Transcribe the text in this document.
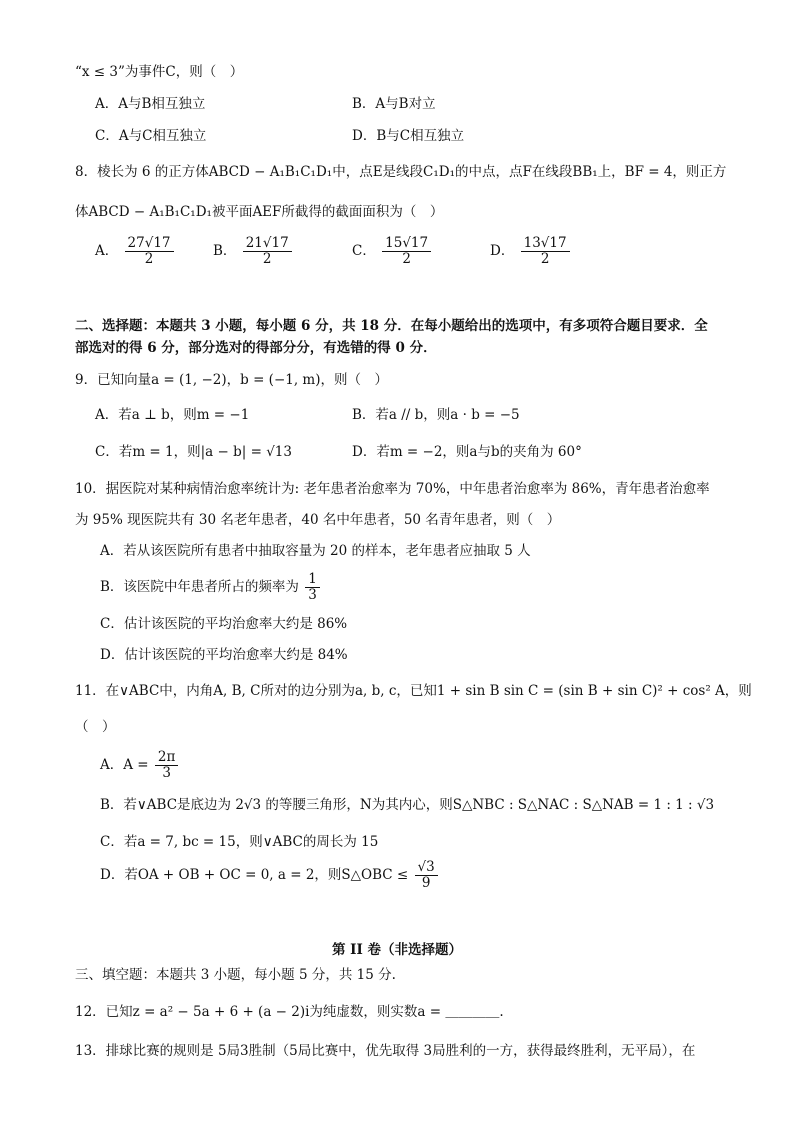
“x ≤ 3”为事件C，则（　）
A．A与B相互独立	B．A与B对立
C．A与C相互独立	D．B与C相互独立
8．棱长为 6 的正方体ABCD − A₁B₁C₁D₁中，点E是线段C₁D₁的中点，点F在线段BB₁上，BF = 4，则正方
体ABCD − A₁B₁C₁D₁被平面AEF所截得的截面面积为（　）
A． $\frac{27√17}{2}$	B． $\frac{21√17}{2}$	C． $\frac{15√17}{2}$	D． $\frac{13√17}{2}$
二、选择题：本题共 3 小题，每小题 6 分，共 18 分．在每小题给出的选项中，有多项符合题目要求．全
部选对的得 6 分，部分选对的得部分分，有选错的得 0 分．
9．已知向量a = (1, −2)，b = (−1, m)，则（　）
A．若a ⊥ b，则m = −1	B．若a // b，则a · b = −5
C．若m = 1，则|a − b| = √13	D．若m = −2，则a与b的夹角为 60°
10．据医院对某种病情治愈率统计为: 老年患者治愈率为 70%，中年患者治愈率为 86%，青年患者治愈率
为 95% 现医院共有 30 名老年患者，40 名中年患者，50 名青年患者，则（　）
A．若从该医院所有患者中抽取容量为 20 的样本，老年患者应抽取 5 人
B．该医院中年患者所占的频率为 $\frac{1}{3}$
C．估计该医院的平均治愈率大约是 86%
D．估计该医院的平均治愈率大约是 84%
11．在∨ABC中，内角A, B, C所对的边分别为a, b, c，已知1 + sin B sin C = (sin B + sin C)² + cos² A，则
（　）
A．$A = \frac{2\pi}{3}$
B．若∨ABC是底边为 2√3 的等腰三角形，N为其内心，则S△NBC : S△NAC : S△NAB = 1 : 1 : √3
C．若a = 7, bc = 15，则∨ABC的周长为 15
D．若OA + OB + OC = 0, a = 2，则S△OBC ≤ $\frac{√3}{9}$
第 II 卷（非选择题）
三、填空题：本题共 3 小题，每小题 5 分，共 15 分.
12．已知z = a² − 5a + 6 + (a − 2)i为纯虚数，则实数a = ＿＿＿＿.
13．排球比赛的规则是 5局3胜制（5局比赛中，优先取得 3局胜利的一方，获得最终胜利，无平局），在
